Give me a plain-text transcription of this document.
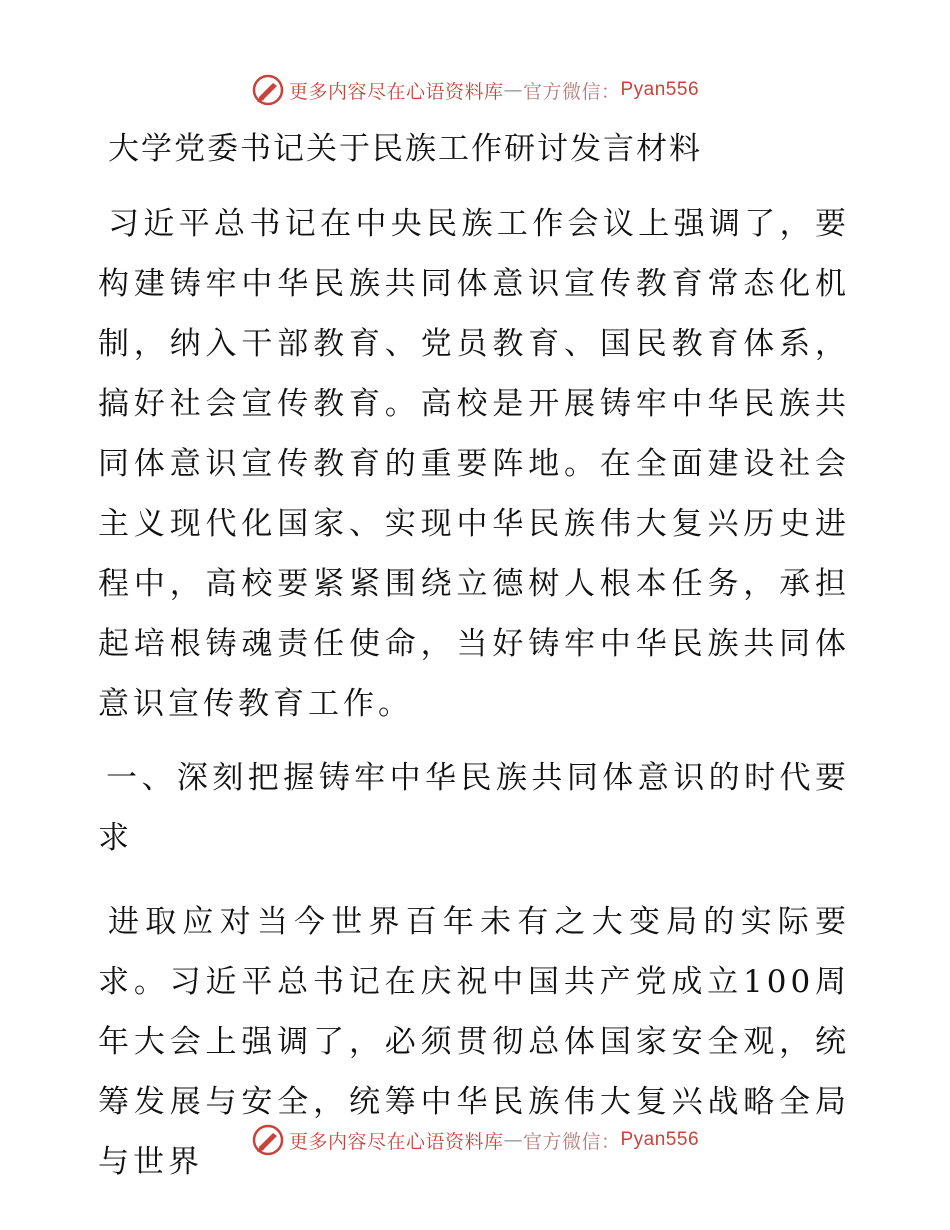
更多内容尽在心语资料库 — 官方微信： Pyan556
大学党委书记关于民族工作研讨发言材料

习近平总书记在中央民族工作会议上强调了，要构建铸牢中华民族共同体意识宣传教育常态化机制，纳入干部教育、党员教育、国民教育体系，搞好社会宣传教育。高校是开展铸牢中华民族共同体意识宣传教育的重要阵地。在全面建设社会主义现代化国家、实现中华民族伟大复兴历史进程中，高校要紧紧围绕立德树人根本任务，承担起培根铸魂责任使命，当好铸牢中华民族共同体意识宣传教育工作。

一、深刻把握铸牢中华民族共同体意识的时代要求

进取应对当今世界百年未有之大变局的实际要求。习近平总书记在庆祝中国共产党成立100周年大会上强调了，必须贯彻总体国家安全观，统筹发展与安全，统筹中华民族伟大复兴战略全局与世界

更多内容尽在心语资料库 — 官方微信： Pyan556
